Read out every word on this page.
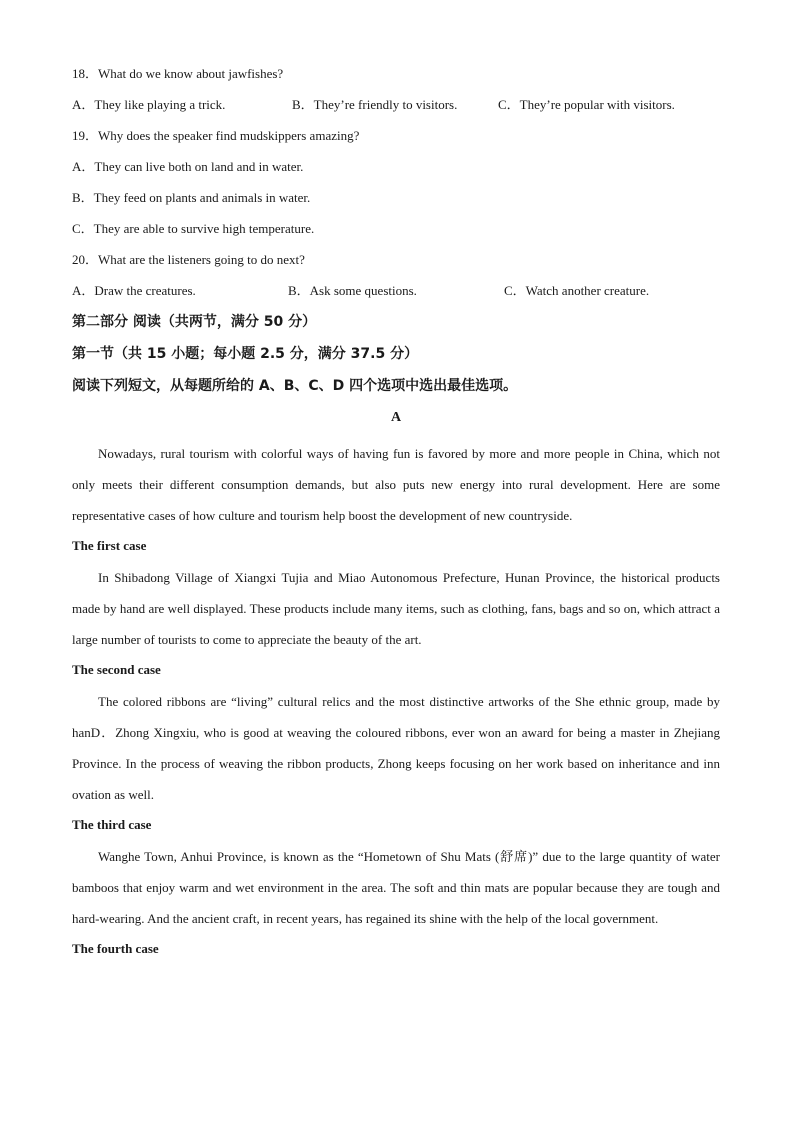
18．What do we know about jawfishes?
A．They like playing a trick.	B．They’re friendly to visitors.	C．They’re popular with visitors.
19．Why does the speaker find mudskippers amazing?
A．They can live both on land and in water.
B．They feed on plants and animals in water.
C．They are able to survive high temperature.
20．What are the listeners going to do next?
A．Draw the creatures.	B．Ask some questions.	C．Watch another creature.
第二部分 阅读（共两节，满分 50 分）
第一节（共 15 小题；每小题 2.5 分，满分 37.5 分）
阅读下列短文，从每题所给的 A、B、C、D 四个选项中选出最佳选项。
A

Nowadays, rural tourism with colorful ways of having fun is favored by more and more people in China, which not only meets their different consumption demands, but also puts new energy into rural development. Here are some representative cases of how culture and tourism help boost the development of new countryside.

The first case

In Shibadong Village of Xiangxi Tujia and Miao Autonomous Prefecture, Hunan Province, the historical products made by hand are well displayed. These products include many items, such as clothing, fans, bags and so on, which attract a large number of tourists to come to appreciate the beauty of the art.

The second case

The colored ribbons are “living” cultural relics and the most distinctive artworks of the She ethnic group, made by hanD．Zhong Xingxiu, who is good at weaving the coloured ribbons, ever won an award for being a master in Zhejiang Province. In the process of weaving the ribbon products, Zhong keeps focusing on her work based on inheritance and inn ovation as well.

The third case

Wanghe Town, Anhui Province, is known as the “Hometown of Shu Mats (舒席)” due to the large quantity of water bamboos that enjoy warm and wet environment in the area. The soft and thin mats are popular because they are tough and hard-wearing. And the ancient craft, in recent years, has regained its shine with the help of the local government.

The fourth case
